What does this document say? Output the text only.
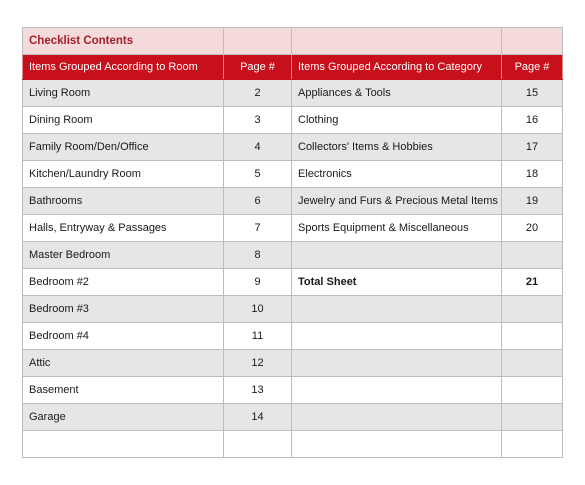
Checklist Contents			
Items Grouped According to Room	Page #	Items Grouped According to Category	Page #
Living Room	2	Appliances & Tools	15
Dining Room	3	Clothing	16
Family Room/Den/Office	4	Collectors' Items & Hobbies	17
Kitchen/Laundry Room	5	Electronics	18
Bathrooms	6	Jewelry and Furs & Precious Metal Items	19
Halls, Entryway & Passages	7	Sports Equipment & Miscellaneous	20
Master Bedroom	8		
Bedroom #2	9	Total Sheet	21
Bedroom #3	10		
Bedroom #4	11		
Attic	12		
Basement	13		
Garage	14		
